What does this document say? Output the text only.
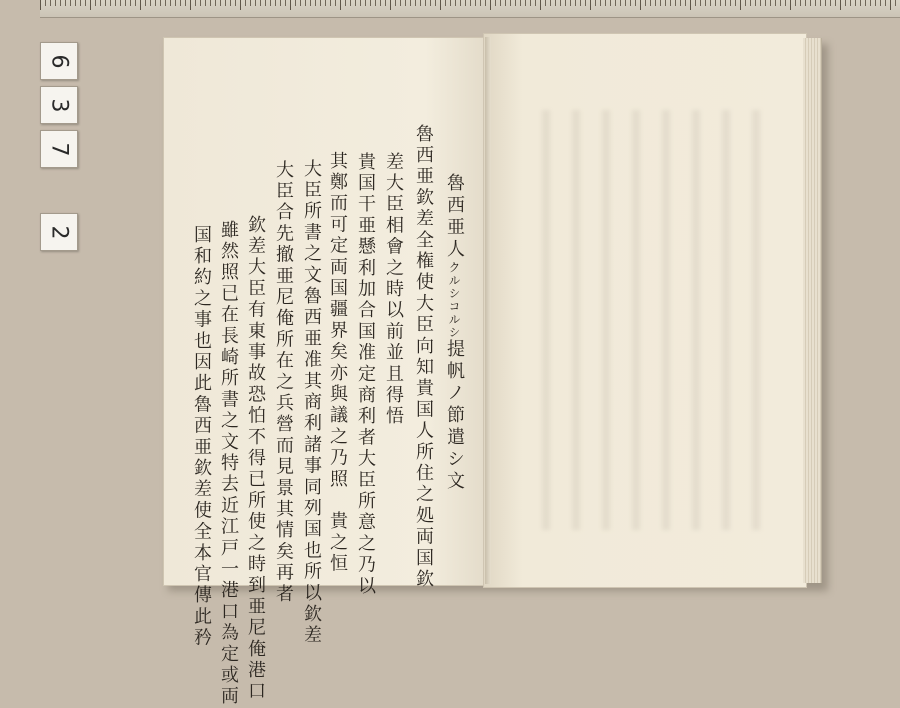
6
3
7
2	魯西亜人クルシコルシ提帆ノ節遣シ文
魯西亜欽差全権使大臣向知貴国人所住之処両国欽
差大臣相會之時以前並且得悟
貴国干亜懸利加合国准定商利者大臣所意之乃以
其鄭而可定両国疆界矣亦與議之乃照　貴之恒
大臣所書之文魯西亜准其商利諸事同列国也所以欽差
大臣合先撤亜尼俺所在之兵營而見景其情矣再者
欽差大臣有東事故恐怕不得已所使之時到亜尼俺港口
雖然照已在長崎所書之文特去近江戸一港口為定或両
国和約之事也因此魯西亜欽差使全本官傳此矜
